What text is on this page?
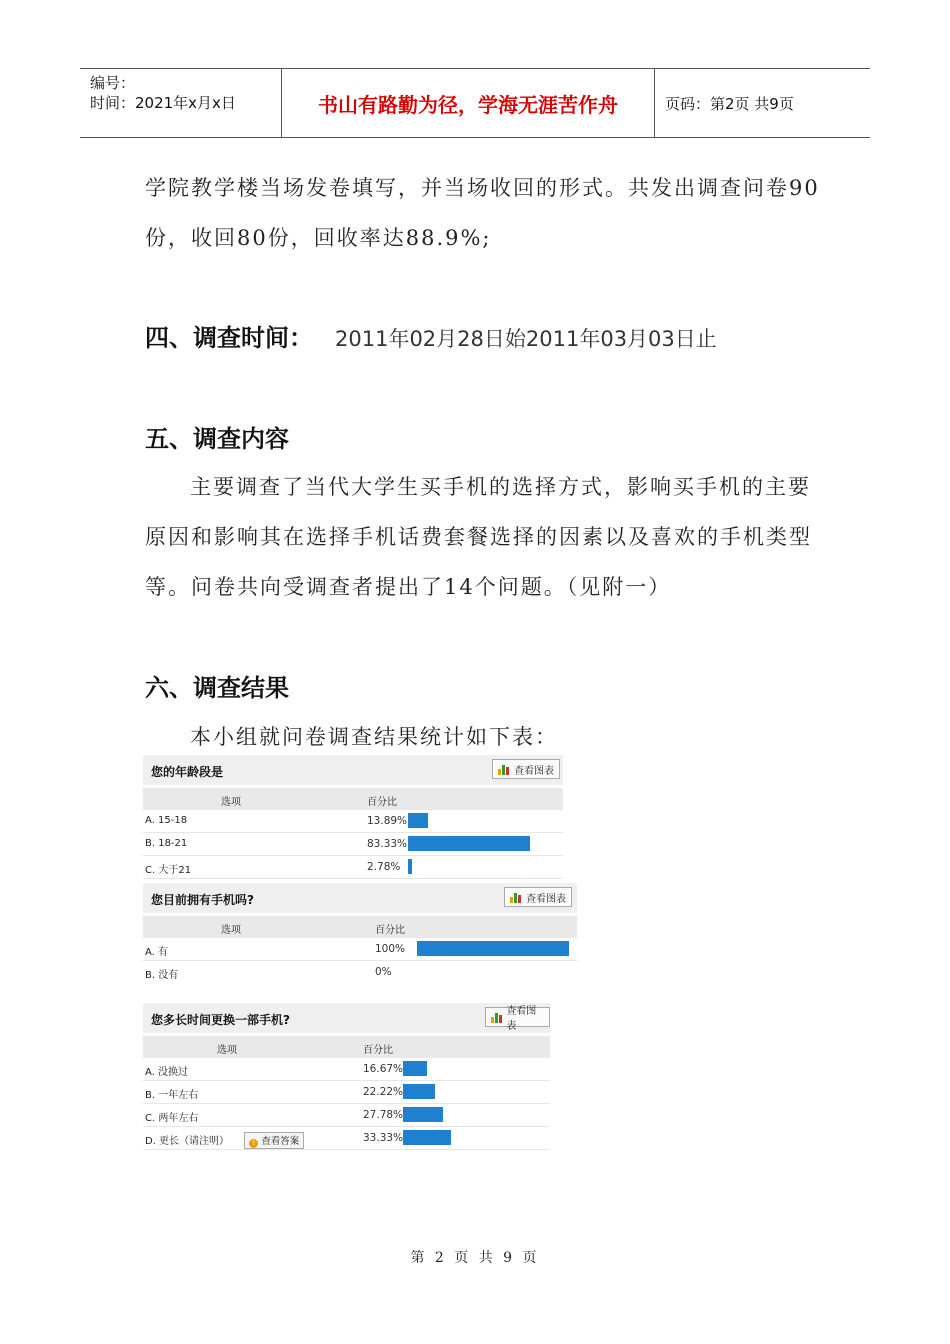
编号：
时间：2021年x月x日	书山有路勤为径，学海无涯苦作舟	页码：第2页 共9页
学院教学楼当场发卷填写，并当场收回的形式。共发出调查问卷90
份，收回80份，回收率达88.9%;
四、调查时间： 2011年02月28日始2011年03月03日止
五、调查内容
主要调查了当代大学生买手机的选择方式，影响买手机的主要
原因和影响其在选择手机话费套餐选择的因素以及喜欢的手机类型
等。问卷共向受调查者提出了14个问题。（见附一）
六、调查结果
本小组就问卷调查结果统计如下表：
您的年龄段是	查看图表
选项	百分比
A. 15-18	13.89%
B. 18-21	83.33%
C. 大于21	2.78%
您目前拥有手机吗?	查看图表
选项	百分比
A. 有	100%
B. 没有	0%
您多长时间更换一部手机?
查看图表
选项	百分比
A. 没换过	16.67%
B. 一年左右	22.22%
C. 两年左右	27.78%
D. 更长（请注明）	! 查看答案	33.33%
第 2 页 共 9 页
